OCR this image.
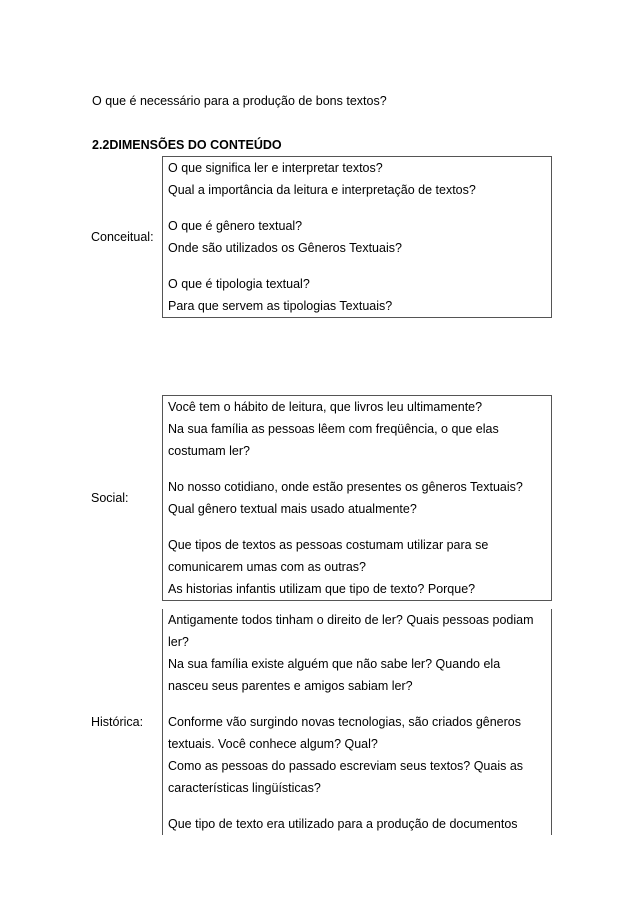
O que é necessário para a produção de bons textos?
2.2DIMENSÕES DO CONTEÚDO
Conceitual:	
O que significa ler e interpretar textos?
Qual a importância da leitura e interpretação de textos?
O que é gênero textual?
Onde são utilizados os Gêneros Textuais?
O que é tipologia textual?
Para que servem as tipologias Textuais?
Social:	
Você tem o hábito de leitura, que livros leu ultimamente?
Na sua família as pessoas lêem com freqüência, o que elas
costumam ler?
No nosso cotidiano, onde estão presentes os gêneros Textuais?
Qual gênero textual mais usado atualmente?
Que tipos de textos as pessoas costumam utilizar para se
comunicarem umas com as outras?
As historias infantis utilizam que tipo de texto? Porque?
Histórica:	
Antigamente todos tinham o direito de ler? Quais pessoas podiam
ler?
Na sua família existe alguém que não sabe ler? Quando ela
nasceu seus parentes e amigos sabiam ler?
Conforme vão surgindo novas tecnologias, são criados gêneros
textuais. Você conhece algum? Qual?
Como as pessoas do passado escreviam seus textos? Quais as
características lingüísticas?
Que tipo de texto era utilizado para a produção de documentos
